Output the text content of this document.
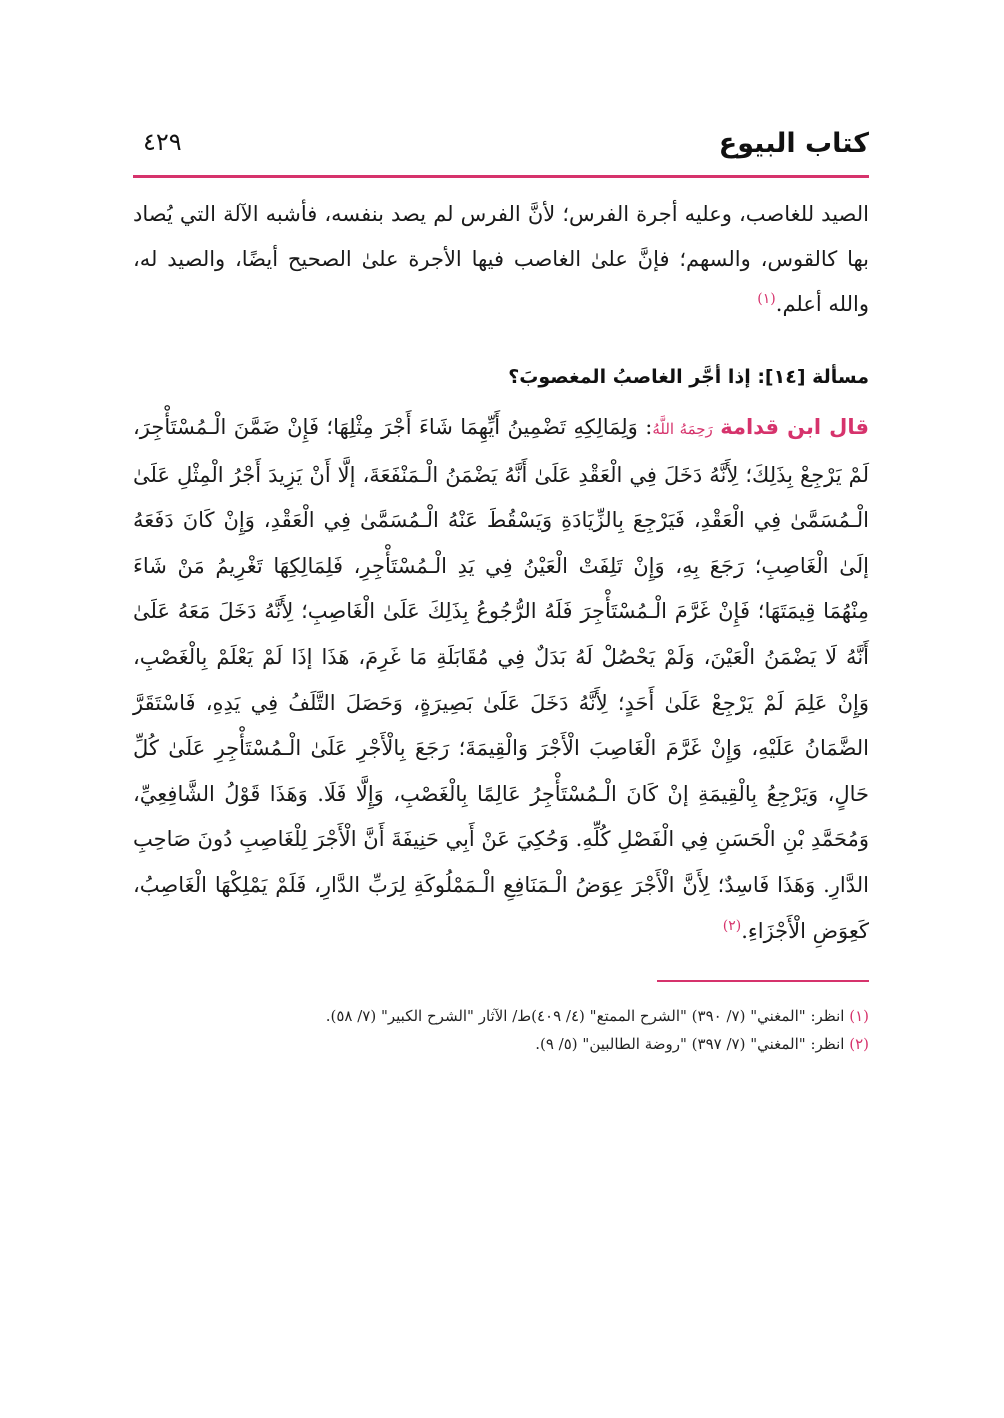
كتاب البيوع
٤٢٩

الصيد للغاصب، وعليه أجرة الفرس؛ لأنَّ الفرس لم يصد بنفسه، فأشبه الآلة التي يُصاد بها كالقوس، والسهم؛ فإنَّ علىٰ الغاصب فيها الأجرة علىٰ الصحيح أيضًا، والصيد له، والله أعلم.$^{(١)}$

مسألة [١٤]: إذا أجَّر الغاصبُ المغصوبَ؟

قال ابن قدامة رَحِمَهُ اللَّهُ: وَلِمَالِكِهِ تَضْمِينُ أَيِّهِمَا شَاءَ أَجْرَ مِثْلِهَا؛ فَإِنْ ضَمَّنَ الْـمُسْتَأْجِرَ، لَمْ يَرْجِعْ بِذَلِكَ؛ لِأَنَّهُ دَخَلَ فِي الْعَقْدِ عَلَىٰ أَنَّهُ يَضْمَنُ الْـمَنْفَعَةَ، إلَّا أَنْ يَزِيدَ أَجْرُ الْمِثْلِ عَلَىٰ الْـمُسَمَّىٰ فِي الْعَقْدِ، فَيَرْجِعَ بِالزِّيَادَةِ وَيَسْقُطَ عَنْهُ الْـمُسَمَّىٰ فِي الْعَقْدِ، وَإِنْ كَانَ دَفَعَهُ إلَىٰ الْغَاصِبِ؛ رَجَعَ بِهِ، وَإِنْ تَلِفَتْ الْعَيْنُ فِي يَدِ الْـمُسْتَأْجِرِ، فَلِمَالِكِهَا تَغْرِيمُ مَنْ شَاءَ مِنْهُمَا قِيمَتَهَا؛ فَإِنْ غَرَّمَ الْـمُسْتَأْجِرَ فَلَهُ الرُّجُوعُ بِذَلِكَ عَلَىٰ الْغَاصِبِ؛ لِأَنَّهُ دَخَلَ مَعَهُ عَلَىٰ أَنَّهُ لَا يَضْمَنُ الْعَيْنَ، وَلَمْ يَحْصُلْ لَهُ بَدَلٌ فِي مُقَابَلَةِ مَا غَرِمَ، هَذَا إذَا لَمْ يَعْلَمْ بِالْغَصْبِ، وَإِنْ عَلِمَ لَمْ يَرْجِعْ عَلَىٰ أَحَدٍ؛ لِأَنَّهُ دَخَلَ عَلَىٰ بَصِيرَةٍ، وَحَصَلَ التَّلَفُ فِي يَدِهِ، فَاسْتَقَرَّ الضَّمَانُ عَلَيْهِ، وَإِنْ غَرَّمَ الْغَاصِبَ الْأَجْرَ وَالْقِيمَةَ؛ رَجَعَ بِالْأَجْرِ عَلَىٰ الْـمُسْتَأْجِرِ عَلَىٰ كُلِّ حَالٍ، وَيَرْجِعُ بِالْقِيمَةِ إنْ كَانَ الْـمُسْتَأْجِرُ عَالِمًا بِالْغَصْبِ، وَإِلَّا فَلَا. وَهَذَا قَوْلُ الشَّافِعِيِّ، وَمُحَمَّدِ بْنِ الْحَسَنِ فِي الْفَصْلِ كُلِّهِ. وَحُكِيَ عَنْ أَبِي حَنِيفَةَ أَنَّ الْأَجْرَ لِلْغَاصِبِ دُونَ صَاحِبِ الدَّارِ. وَهَذَا فَاسِدٌ؛ لِأَنَّ الْأَجْرَ عِوَضُ الْـمَنَافِعِ الْـمَمْلُوكَةِ لِرَبِّ الدَّارِ، فَلَمْ يَمْلِكْهَا الْغَاصِبُ، كَعِوَضِ الْأَجْزَاءِ.$^{(٢)}$

(١) انظر: "المغني" (٧/ ٣٩٠) "الشرح الممتع" (٤/ ٤٠٩)ط/ الآثار "الشرح الكبير" (٧/ ٥٨).
(٢) انظر: "المغني" (٧/ ٣٩٧) "روضة الطالبين" (٥/ ٩).
